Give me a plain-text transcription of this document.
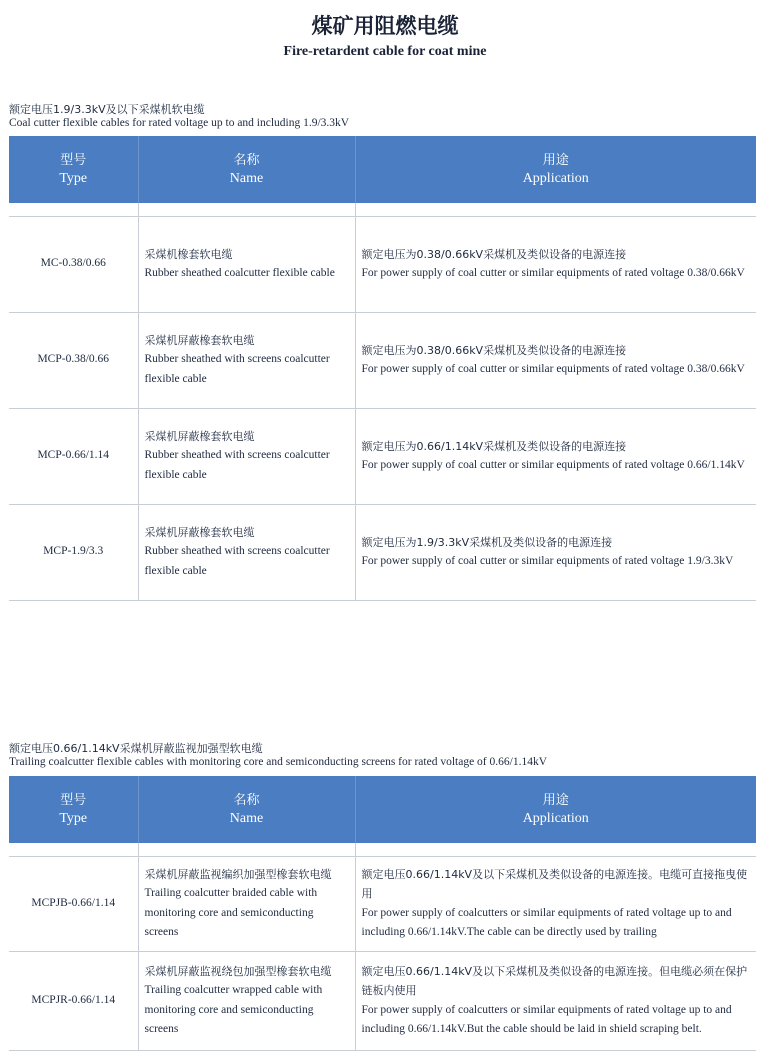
煤矿用阻燃电缆
Fire-retardent cable for coat mine
额定电压1.9/3.3kV及以下采煤机软电缆
Coal cutter flexible cables for rated voltage up to and including 1.9/3.3kV
型号
Type	名称
Name	用途
Application

MC-0.38/0.66	采煤机橡套软电缆
Rubber sheathed coalcutter flexible cable	额定电压为0.38/0.66kV采煤机及类似设备的电源连接
For power supply of coal cutter or similar equipments of rated voltage 0.38/0.66kV

MCP-0.38/0.66	采煤机屏蔽橡套软电缆
Rubber sheathed with screens coalcutter flexible cable	额定电压为0.38/0.66kV采煤机及类似设备的电源连接
For power supply of coal cutter or similar equipments of rated voltage 0.38/0.66kV

MCP-0.66/1.14	采煤机屏蔽橡套软电缆
Rubber sheathed with screens coalcutter flexible cable	额定电压为0.66/1.14kV采煤机及类似设备的电源连接
For power supply of coal cutter or similar equipments of rated voltage 0.66/1.14kV

MCP-1.9/3.3	采煤机屏蔽橡套软电缆
Rubber sheathed with screens coalcutter flexible cable	额定电压为1.9/3.3kV采煤机及类似设备的电源连接
For power supply of coal cutter or similar equipments of rated voltage 1.9/3.3kV
额定电压0.66/1.14kV采煤机屏蔽监视加强型软电缆
Trailing coalcutter flexible cables with monitoring core and semiconducting screens for rated voltage of 0.66/1.14kV
型号
Type	名称
Name	用途
Application

MCPJB-0.66/1.14	采煤机屏蔽监视编织加强型橡套软电缆
Trailing coalcutter braided cable with monitoring core and semiconducting screens	额定电压0.66/1.14kV及以下采煤机及类似设备的电源连接。电缆可直接拖曳使用
For power supply of coalcutters or similar equipments of rated voltage up to and including 0.66/1.14kV.The cable can be directly used by trailing

MCPJR-0.66/1.14	采煤机屏蔽监视绕包加强型橡套软电缆
Trailing coalcutter wrapped cable with monitoring core and semiconducting screens	额定电压0.66/1.14kV及以下采煤机及类似设备的电源连接。但电缆必须在保护链板内使用
For power supply of coalcutters or similar equipments of rated voltage up to and including 0.66/1.14kV.But the cable should be laid in shield scraping belt.
